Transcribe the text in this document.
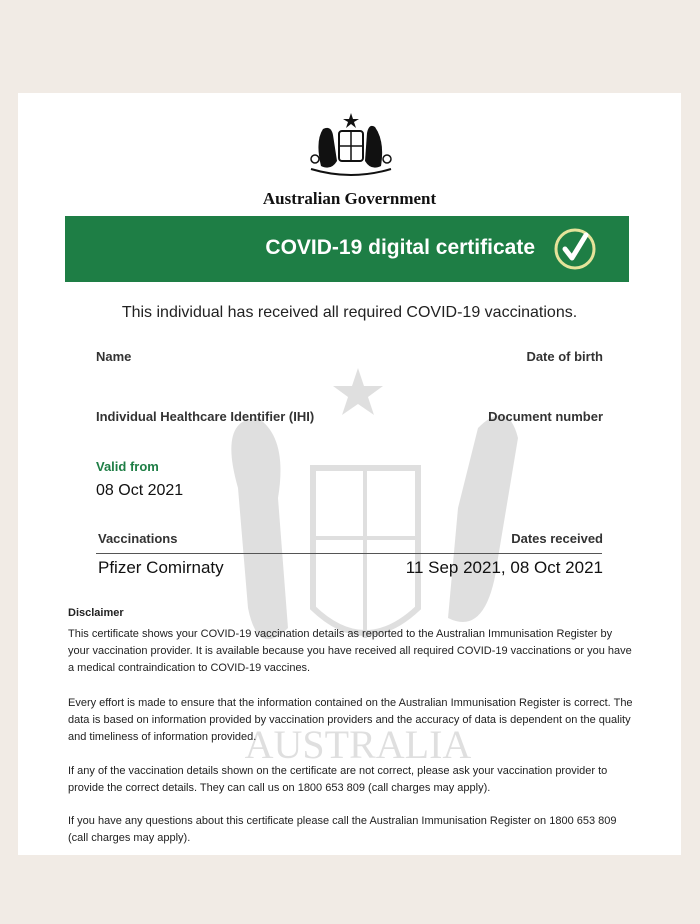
AUSTRALIA
Australian Government
COVID-19 digital certificate
This individual has received all required COVID-19 vaccinations.
Name	Date of birth
Individual Healthcare Identifier (IHI)	Document number
Valid from
08 Oct 2021
Vaccinations	Dates received
Pfizer Comirnaty	11 Sep 2021, 08 Oct 2021
Disclaimer
This certificate shows your COVID-19 vaccination details as reported to the Australian Immunisation Register by your vaccination provider. It is available because you have received all required COVID-19 vaccinations or you have a medical contraindication to COVID-19 vaccines.
Every effort is made to ensure that the information contained on the Australian Immunisation Register is correct. The data is based on information provided by vaccination providers and the accuracy of data is dependent on the quality and timeliness of information provided.
If any of the vaccination details shown on the certificate are not correct, please ask your vaccination provider to provide the correct details. They can call us on 1800 653 809 (call charges may apply).
If you have any questions about this certificate please call the Australian Immunisation Register on 1800 653 809 (call charges may apply).
